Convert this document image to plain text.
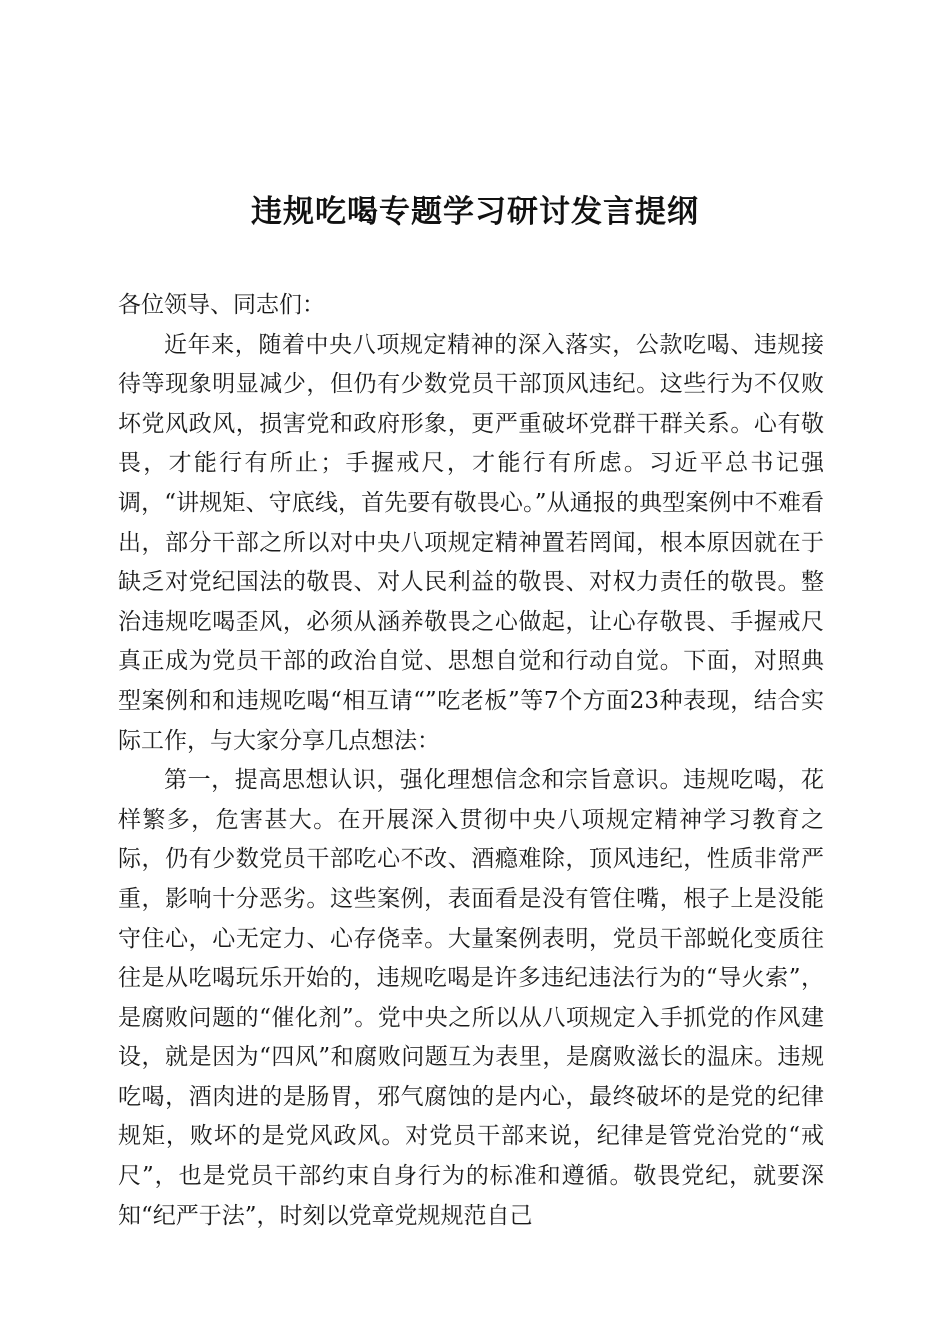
违规吃喝专题学习研讨发言提纲

各位领导、同志们：

近年来，随着中央八项规定精神的深入落实，公款吃喝、违规接待等现象明显减少，但仍有少数党员干部顶风违纪。这些行为不仅败坏党风政风，损害党和政府形象，更严重破坏党群干群关系。心有敬畏，才能行有所止；手握戒尺，才能行有所虑。习近平总书记强调，“讲规矩、守底线，首先要有敬畏心。”从通报的典型案例中不难看出，部分干部之所以对中央八项规定精神置若罔闻，根本原因就在于缺乏对党纪国法的敬畏、对人民利益的敬畏、对权力责任的敬畏。整治违规吃喝歪风，必须从涵养敬畏之心做起，让心存敬畏、手握戒尺真正成为党员干部的政治自觉、思想自觉和行动自觉。下面，对照典型案例和和违规吃喝“相互请“”吃老板”等7个方面23种表现，结合实际工作，与大家分享几点想法：

第一，提高思想认识，强化理想信念和宗旨意识。违规吃喝，花样繁多，危害甚大。在开展深入贯彻中央八项规定精神学习教育之际，仍有少数党员干部吃心不改、酒瘾难除，顶风违纪，性质非常严重，影响十分恶劣。这些案例，表面看是没有管住嘴，根子上是没能守住心，心无定力、心存侥幸。大量案例表明，党员干部蜕化变质往往是从吃喝玩乐开始的，违规吃喝是许多违纪违法行为的“导火索”，是腐败问题的“催化剂”。党中央之所以从八项规定入手抓党的作风建设，就是因为“四风”和腐败问题互为表里，是腐败滋长的温床。违规吃喝，酒肉进的是肠胃，邪气腐蚀的是内心，最终破坏的是党的纪律规矩，败坏的是党风政风。对党员干部来说，纪律是管党治党的“戒尺”，也是党员干部约束自身行为的标准和遵循。敬畏党纪，就要深知“纪严于法”，时刻以党章党规规范自己
